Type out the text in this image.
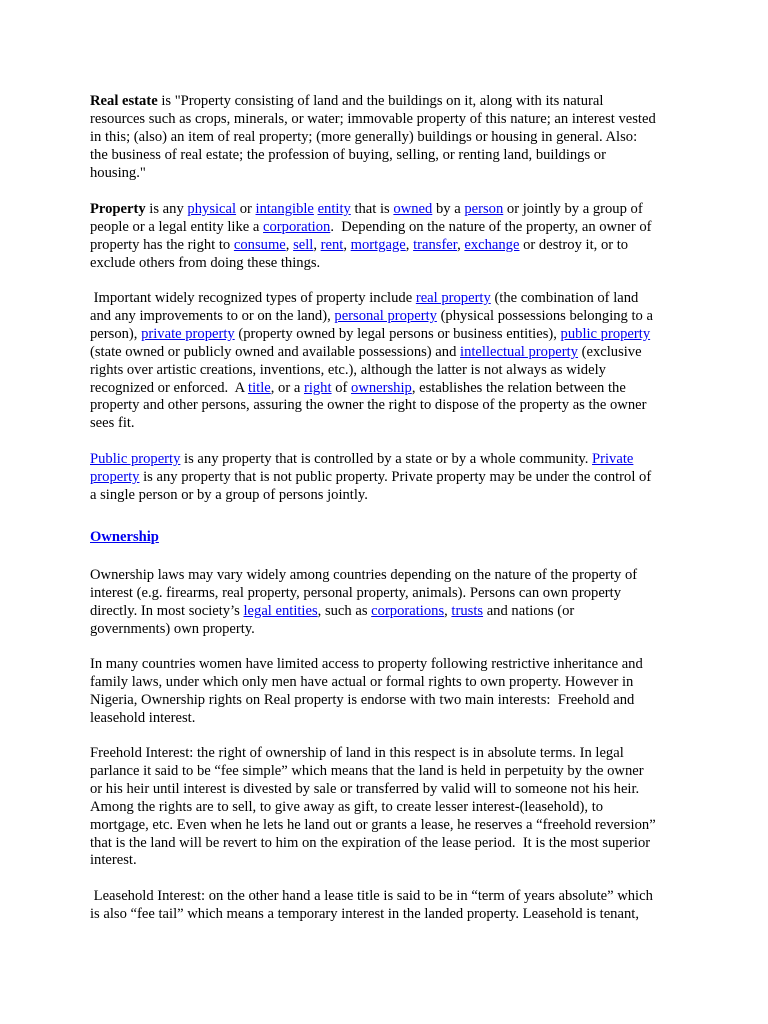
Real estate is "Property consisting of land and the buildings on it, along with its natural
resources such as crops, minerals, or water; immovable property of this nature; an interest vested
in this; (also) an item of real property; (more generally) buildings or housing in general. Also:
the business of real estate; the profession of buying, selling, or renting land, buildings or
housing."
Property is any physical or intangible entity that is owned by a person or jointly by a group of
people or a legal entity like a corporation.  Depending on the nature of the property, an owner of
property has the right to consume, sell, rent, mortgage, transfer, exchange or destroy it, or to
exclude others from doing these things.
Important widely recognized types of property include real property (the combination of land
and any improvements to or on the land), personal property (physical possessions belonging to a
person), private property (property owned by legal persons or business entities), public property
(state owned or publicly owned and available possessions) and intellectual property (exclusive
rights over artistic creations, inventions, etc.), although the latter is not always as widely
recognized or enforced.  A title, or a right of ownership, establishes the relation between the
property and other persons, assuring the owner the right to dispose of the property as the owner
sees fit.
Public property is any property that is controlled by a state or by a whole community. Private
property is any property that is not public property. Private property may be under the control of
a single person or by a group of persons jointly.
Ownership
Ownership laws may vary widely among countries depending on the nature of the property of
interest (e.g. firearms, real property, personal property, animals). Persons can own property
directly. In most society’s legal entities, such as corporations, trusts and nations (or
governments) own property.
In many countries women have limited access to property following restrictive inheritance and
family laws, under which only men have actual or formal rights to own property. However in
Nigeria, Ownership rights on Real property is endorse with two main interests:  Freehold and
leasehold interest.
Freehold Interest: the right of ownership of land in this respect is in absolute terms. In legal
parlance it said to be “fee simple” which means that the land is held in perpetuity by the owner
or his heir until interest is divested by sale or transferred by valid will to someone not his heir.
Among the rights are to sell, to give away as gift, to create lesser interest-(leasehold), to
mortgage, etc. Even when he lets he land out or grants a lease, he reserves a “freehold reversion”
that is the land will be revert to him on the expiration of the lease period.  It is the most superior
interest.
Leasehold Interest: on the other hand a lease title is said to be in “term of years absolute” which
is also “fee tail” which means a temporary interest in the landed property. Leasehold is tenant,
